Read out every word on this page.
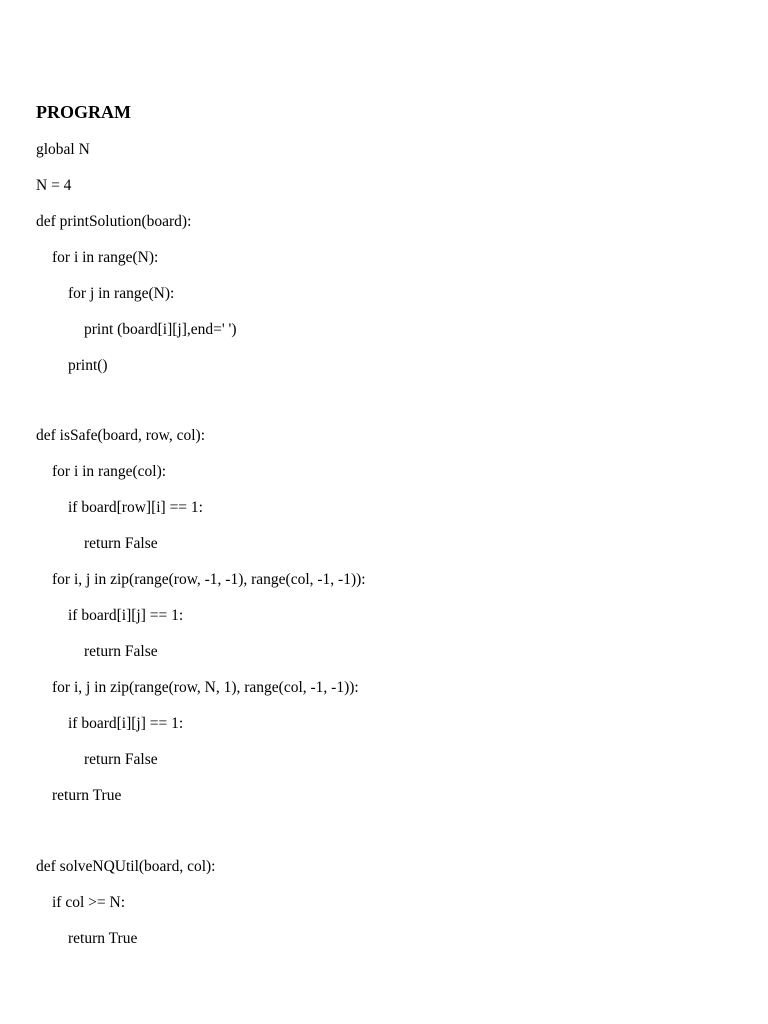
PROGRAM
global N
N = 4
def printSolution(board):
for i in range(N):
for j in range(N):
print (board[i][j],end=' ')
print()
def isSafe(board, row, col):
for i in range(col):
if board[row][i] == 1:
return False
for i, j in zip(range(row, -1, -1), range(col, -1, -1)):
if board[i][j] == 1:
return False
for i, j in zip(range(row, N, 1), range(col, -1, -1)):
if board[i][j] == 1:
return False
return True
def solveNQUtil(board, col):
if col >= N:
return True
